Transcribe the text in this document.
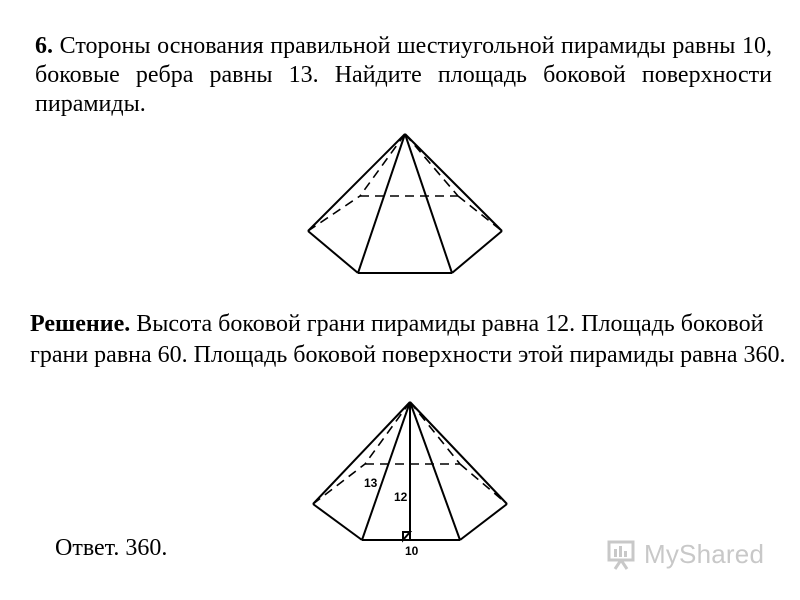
6. Стороны основания правильной шестиугольной пирамиды равны 10, боковые ребра равны 13. Найдите площадь боковой поверхности пирамиды.
Решение. Высота боковой грани пирамиды равна 12. Площадь боковой грани равна 60. Площадь боковой поверхности этой пирамиды равна 360.
13
12
10
Ответ. 360.	MyShared
